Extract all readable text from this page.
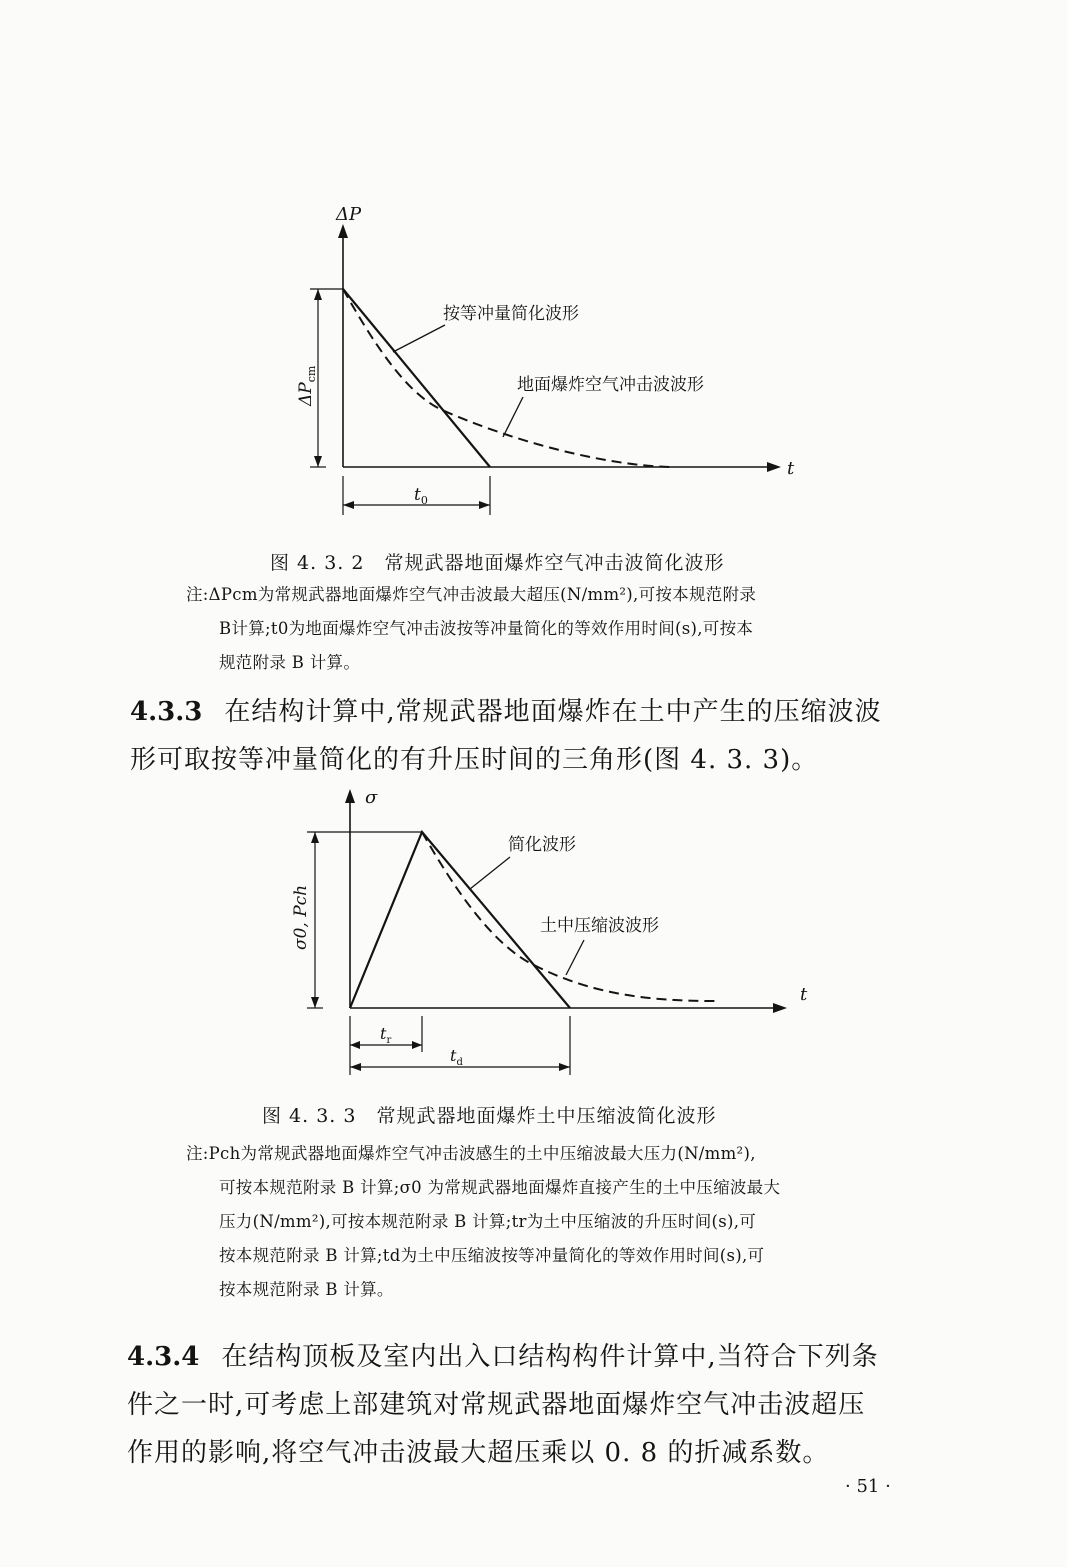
ΔP
t
按等冲量简化波形
地面爆炸空气冲击波波形
$\Delta P_{cm}$
$t_0$
图 4. 3. 2　常规武器地面爆炸空气冲击波简化波形
注:ΔPcm为常规武器地面爆炸空气冲击波最大超压(N/mm²),可按本规范附录
B计算;t0为地面爆炸空气冲击波按等冲量简化的等效作用时间(s),可按本
规范附录 B 计算。
4.3.3 在结构计算中,常规武器地面爆炸在土中产生的压缩波波
形可取按等冲量简化的有升压时间的三角形(图 4. 3. 3)。
σ
t
简化波形
土中压缩波波形
σ0, Pch
$t_r$
$t_d$
图 4. 3. 3　常规武器地面爆炸土中压缩波简化波形
注:Pch为常规武器地面爆炸空气冲击波感生的土中压缩波最大压力(N/mm²),
可按本规范附录 B 计算;σ0 为常规武器地面爆炸直接产生的土中压缩波最大
压力(N/mm²),可按本规范附录 B 计算;tr为土中压缩波的升压时间(s),可
按本规范附录 B 计算;td为土中压缩波按等冲量简化的等效作用时间(s),可
按本规范附录 B 计算。
4.3.4 在结构顶板及室内出入口结构构件计算中,当符合下列条
件之一时,可考虑上部建筑对常规武器地面爆炸空气冲击波超压
作用的影响,将空气冲击波最大超压乘以 0. 8 的折减系数。
· 51 ·
